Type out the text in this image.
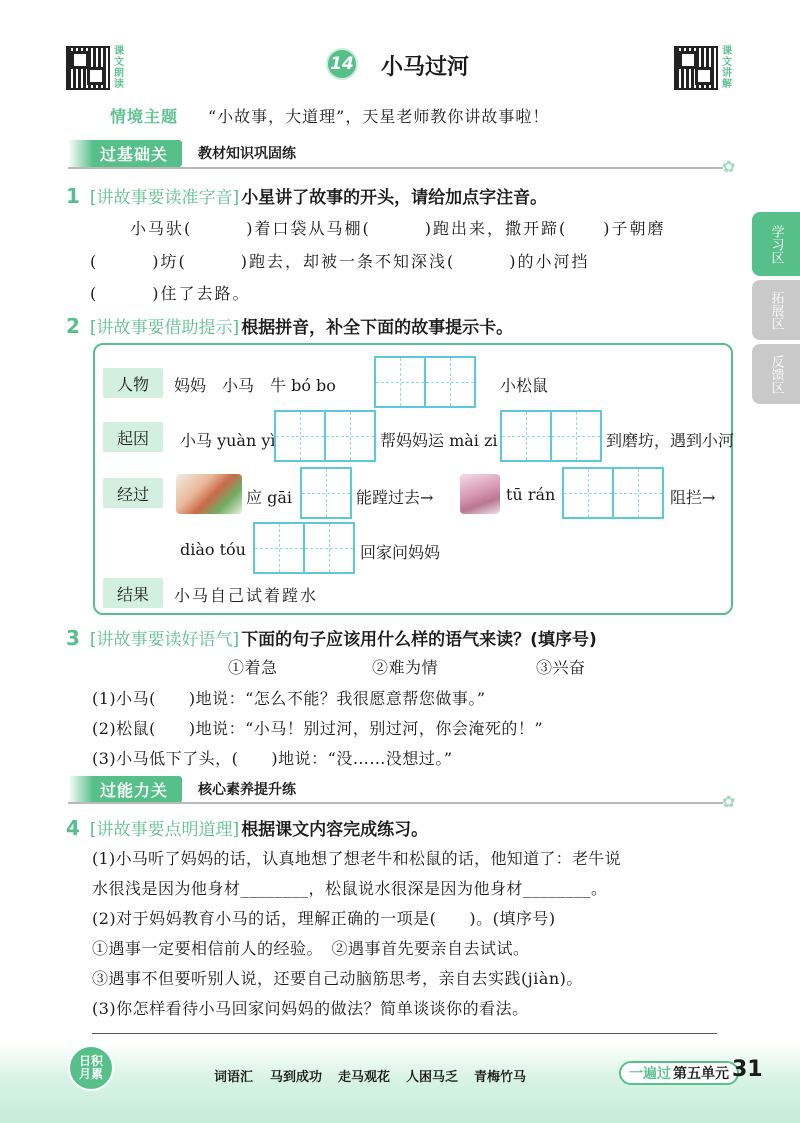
课文朗读
14 小马过河
课文讲解
情境主题 “小故事，大道理”，天星老师教你讲故事啦！
过基础关	教材知识巩固练
✿
1 [讲故事要读准字音] 小星讲了故事的开头，请给加点字注音。
小马驮(　　　)着口袋从马棚(　　　)跑出来，撒开蹄(　　)子朝磨
(　　　)坊(　　　)跑去，却被一条不知深浅(　　　)的小河挡
(　　　)住了去路。
2 [讲故事要借助提示] 根据拼音，补全下面的故事提示卡。
人物	妈妈　小马　牛 bó bo	小松鼠
起因	小马 yuàn yì	帮妈妈运 mài zi	到磨坊，遇到小河
经过	应 gāi	能蹚过去→	tū rán	阻拦→
diào tóu	回家问妈妈
结果	小马自己试着蹚水
3 [讲故事要读好语气] 下面的句子应该用什么样的语气来读？(填序号)
①着急	②难为情	③兴奋
(1)小马(　　)地说：“怎么不能？我很愿意帮您做事。”
(2)松鼠(　　)地说：“小马！别过河，别过河，你会淹死的！”
(3)小马低下了头，(　　)地说：“没……没想过。”
过能力关	核心素养提升练
✿
4 [讲故事要点明道理] 根据课文内容完成练习。
(1)小马听了妈妈的话，认真地想了想老牛和松鼠的话，他知道了：老牛说
水很浅是因为他身材________，松鼠说水很深是因为他身材________。
(2)对于妈妈教育小马的话，理解正确的一项是(　　)。(填序号)
①遇事一定要相信前人的经验。　②遇事首先要亲自去试试。
③遇事不但要听别人说，还要自己动脑筋思考，亲自去实践(jiàn)。
(3)你怎样看待小马回家问妈妈的做法？简单谈谈你的看法。
学习区
拓展区
反馈区
日积月累	词语汇 马到成功 走马观花 人困马乏 青梅竹马	一遍过 第五单元 31
